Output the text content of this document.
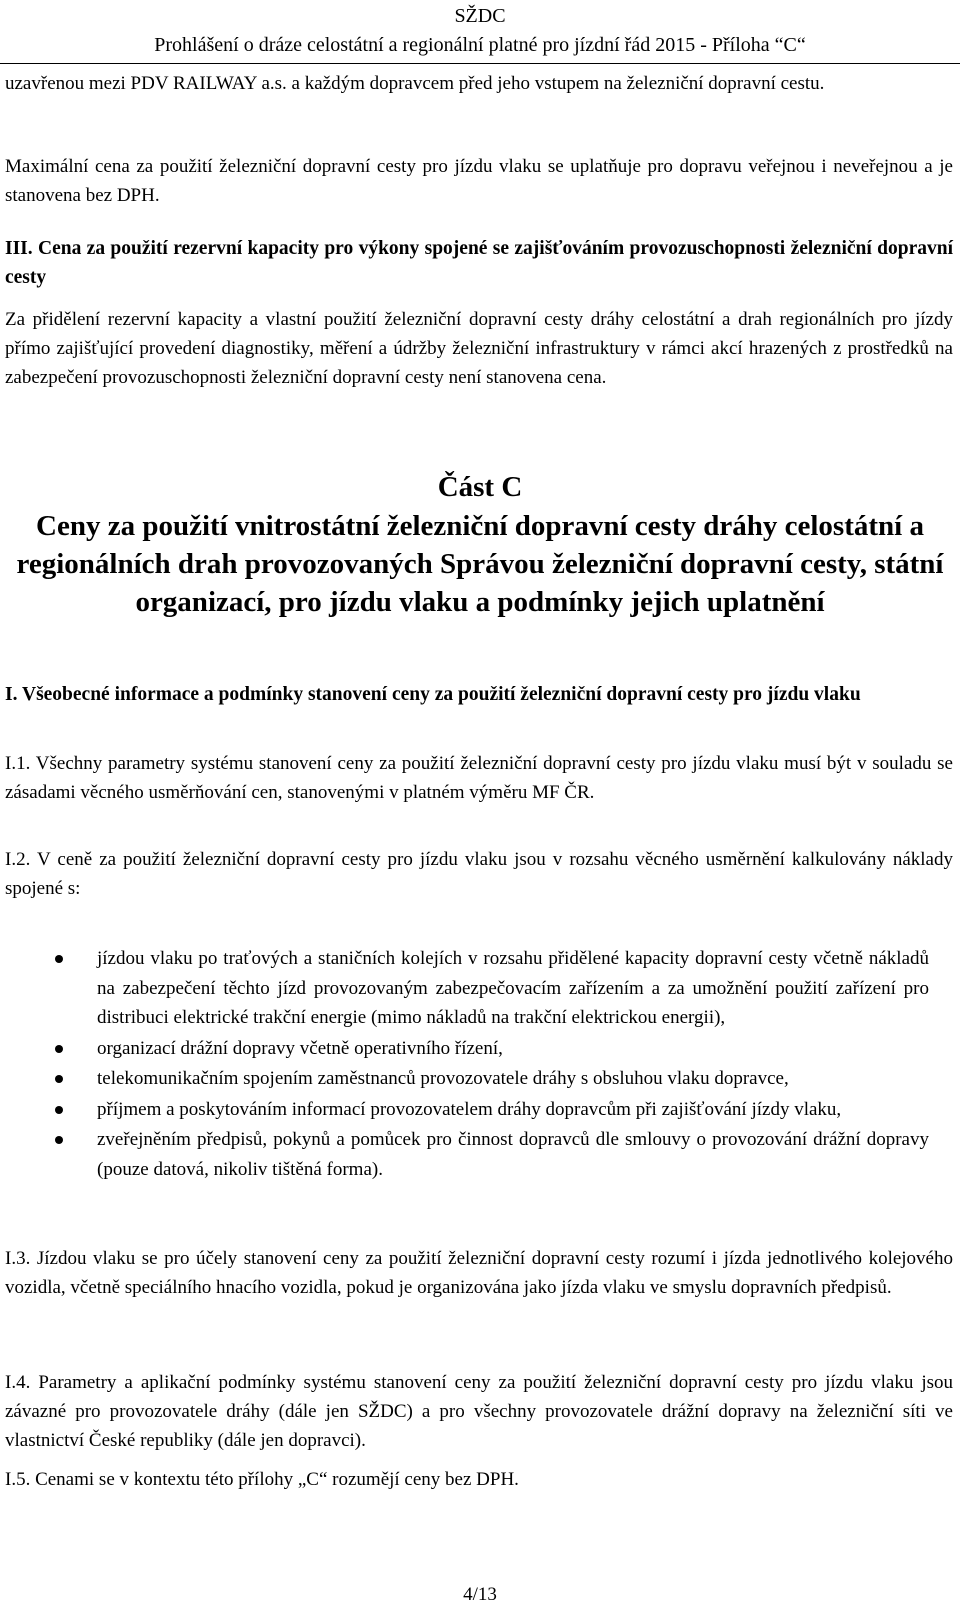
SŽDC
Prohlášení o dráze celostátní a regionální platné pro jízdní řád 2015 - Příloha “C“
uzavřenou mezi PDV RAILWAY a.s. a každým dopravcem před jeho vstupem na železniční dopravní cestu.
Maximální cena za použití železniční dopravní cesty pro jízdu vlaku se uplatňuje pro dopravu veřejnou i neveřejnou a je stanovena bez DPH.
III. Cena za použití rezervní kapacity pro výkony spojené se zajišťováním provozuschopnosti železniční dopravní cesty
Za přidělení rezervní kapacity a vlastní použití železniční dopravní cesty dráhy celostátní a drah regionálních pro jízdy přímo zajišťující provedení diagnostiky, měření a údržby železniční infrastruktury v rámci akcí hrazených z prostředků na zabezpečení provozuschopnosti železniční dopravní cesty není stanovena cena.
Část C
Ceny za použití vnitrostátní železniční dopravní cesty dráhy celostátní a regionálních drah provozovaných Správou železniční dopravní cesty, státní organizací, pro jízdu vlaku a podmínky jejich uplatnění
I. Všeobecné informace a podmínky stanovení ceny za použití železniční dopravní cesty pro jízdu vlaku
I.1. Všechny parametry systému stanovení ceny za použití železniční dopravní cesty pro jízdu vlaku musí být v souladu se zásadami věcného usměrňování cen, stanovenými v platném výměru MF ČR.
I.2. V ceně za použití železniční dopravní cesty pro jízdu vlaku jsou v rozsahu věcného usměrnění kalkulovány náklady spojené s:
jízdou vlaku po traťových a staničních kolejích v rozsahu přidělené kapacity dopravní cesty včetně nákladů na zabezpečení těchto jízd provozovaným zabezpečovacím zařízením a za umožnění použití zařízení pro distribuci elektrické trakční energie (mimo nákladů na trakční elektrickou energii),
organizací drážní dopravy včetně operativního řízení,
telekomunikačním spojením zaměstnanců provozovatele dráhy s obsluhou vlaku dopravce,
příjmem a poskytováním informací provozovatelem dráhy dopravcům při zajišťování jízdy vlaku,
zveřejněním předpisů, pokynů a pomůcek pro činnost dopravců dle smlouvy o provozování drážní dopravy (pouze datová, nikoliv tištěná forma).
I.3. Jízdou vlaku se pro účely stanovení ceny za použití železniční dopravní cesty rozumí i jízda jednotlivého kolejového vozidla, včetně speciálního hnacího vozidla, pokud je organizována jako jízda vlaku ve smyslu dopravních předpisů.
I.4. Parametry a aplikační podmínky systému stanovení ceny za použití železniční dopravní cesty pro jízdu vlaku jsou závazné pro provozovatele dráhy (dále jen SŽDC) a pro všechny provozovatele drážní dopravy na železniční síti ve vlastnictví České republiky (dále jen dopravci).
I.5. Cenami se v kontextu této přílohy „C“ rozumějí ceny bez DPH.
4/13
